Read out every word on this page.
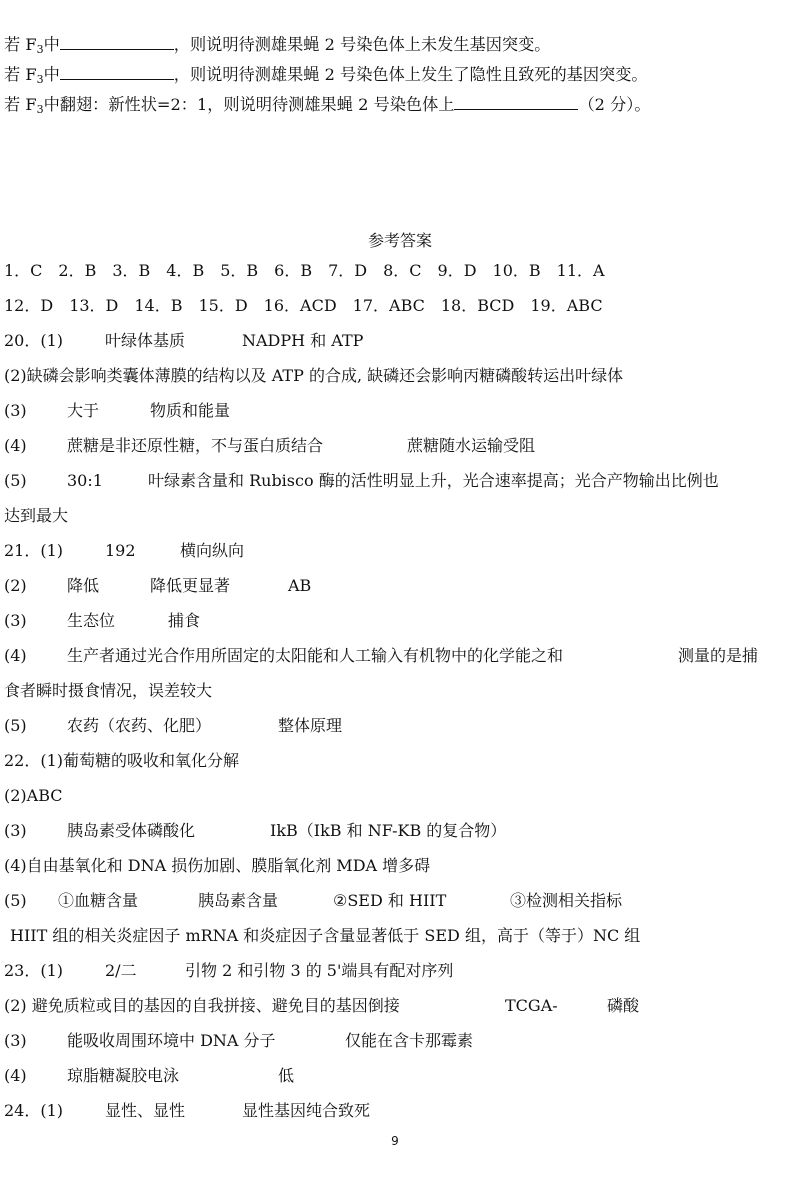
若 $F_3$中	，则说明待测雄果蝇 2 号染色体上未发生基因突变。
若 $F_3$中	，则说明待测雄果蝇 2 号染色体上发生了隐性且致死的基因突变。
若 $F_3$中翻翅：新性状=2：1，则说明待测雄果蝇 2 号染色体上	（2 分）。
参考答案
1．C　2．B　3．B　4．B　5．B　6．B　7．D　8．C　9．D　10．B　11．A
12．D　13．D　14．B　15．D　16．ACD　17．ABC　18．BCD　19．ABC
20．(1)	叶绿体基质	NADPH 和 ATP
(2)缺磷会影响类囊体薄膜的结构以及 ATP 的合成, 缺磷还会影响丙糖磷酸转运出叶绿体
(3)	大于	物质和能量
(4)	蔗糖是非还原性糖，不与蛋白质结合	蔗糖随水运输受阻
(5)	30:1	叶绿素含量和 Rubisco 酶的活性明显上升，光合速率提高；光合产物输出比例也
达到最大
21．(1)	192	横向纵向
(2)	降低	降低更显著	AB
(3)	生态位	捕食
(4)	生产者通过光合作用所固定的太阳能和人工输入有机物中的化学能之和	测量的是捕
食者瞬时摄食情况，误差较大
(5)	农药（农药、化肥）	整体原理
22．(1)葡萄糖的吸收和氧化分解
(2)ABC
(3)	胰岛素受体磷酸化	IkB（IkB 和 NF-KB 的复合物）
(4)自由基氧化和 DNA 损伤加剧、膜脂氧化剂 MDA 增多碍
(5) ①血糖含量	胰岛素含量	②SED 和 HIIT	③检测相关指标
HIIT 组的相关炎症因子 mRNA 和炎症因子含量显著低于 SED 组，高于（等于）NC 组
23．(1)	2/二	引物 2 和引物 3 的 5'端具有配对序列
(2) 避免质粒或目的基因的自我拼接、避免目的基因倒接	TCGA-	磷酸
(3)	能吸收周围环境中 DNA 分子	仅能在含卡那霉素
(4)	琼脂糖凝胶电泳	低
24．(1)	显性、显性	显性基因纯合致死
9
